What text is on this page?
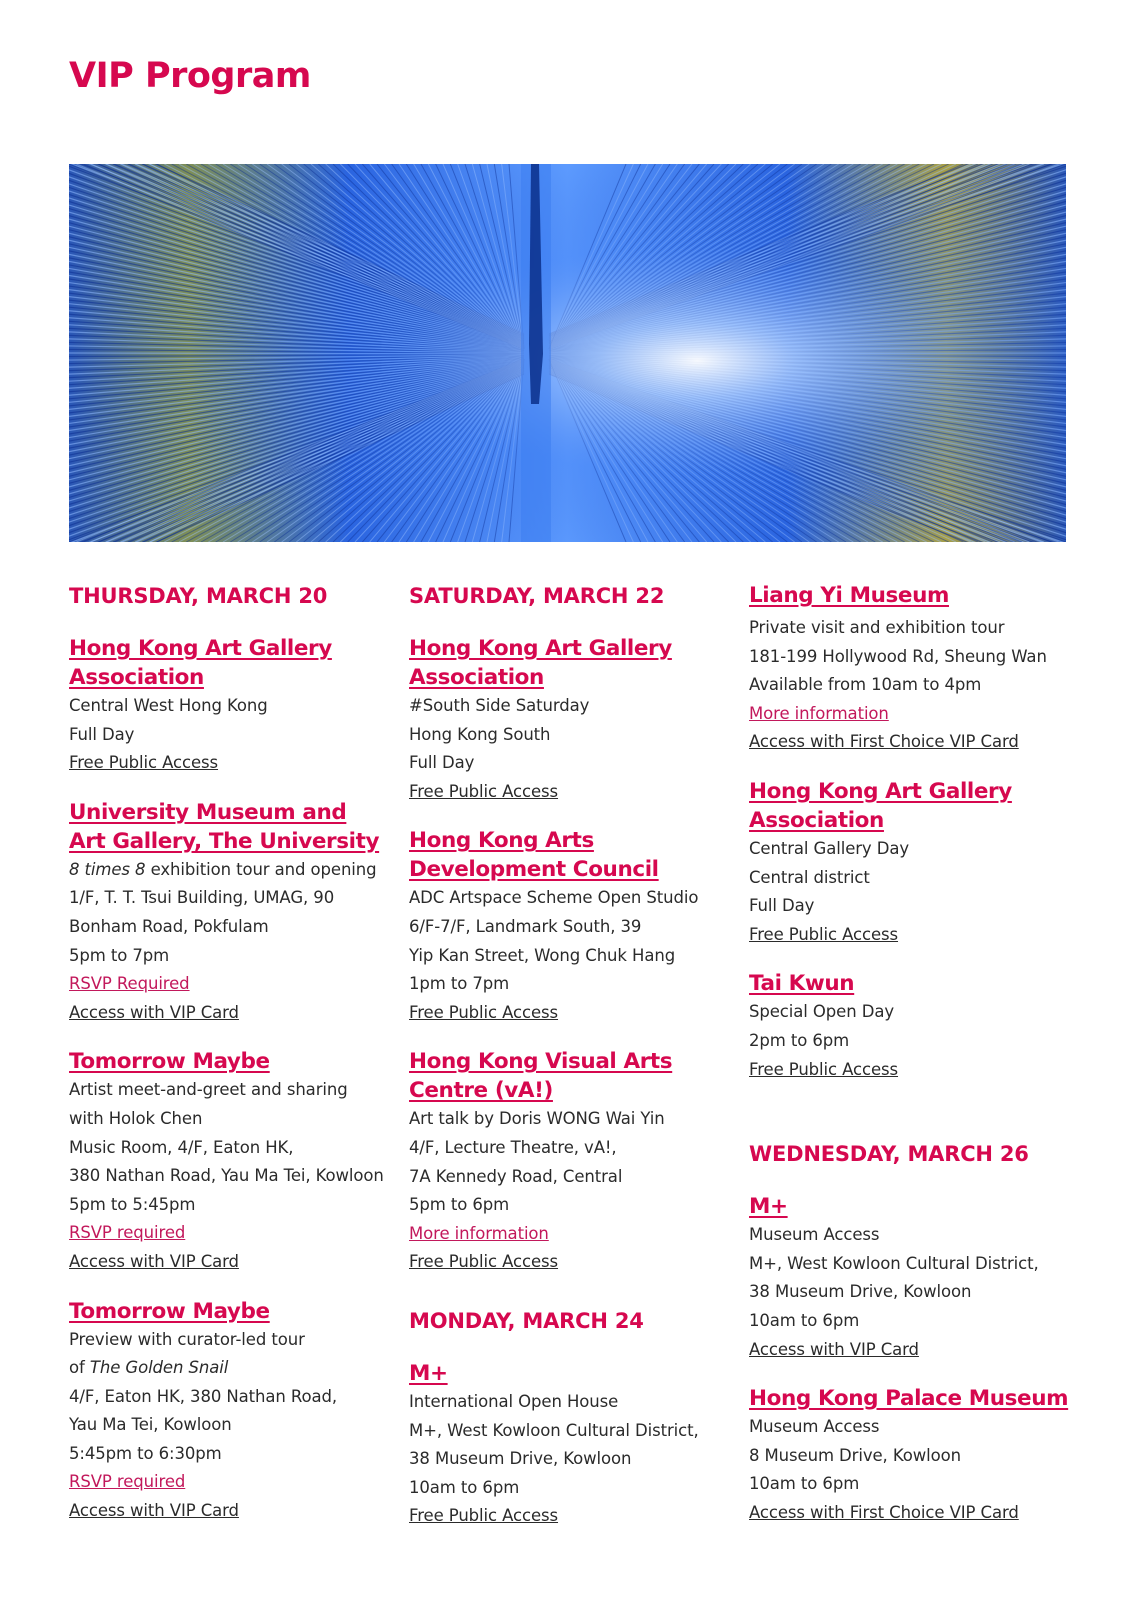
VIP Program
THURSDAY, MARCH 20
Hong Kong Art Gallery Association
Central West Hong Kong
Full Day
Free Public Access
University Museum and Art Gallery, The University
8 times 8 exhibition tour and opening
1/F, T. T. Tsui Building, UMAG, 90
Bonham Road, Pokfulam
5pm to 7pm
RSVP Required
Access with VIP Card
Tomorrow Maybe
Artist meet-and-greet and sharing
with Holok Chen
Music Room, 4/F, Eaton HK,
380 Nathan Road, Yau Ma Tei, Kowloon
5pm to 5:45pm
RSVP required
Access with VIP Card
Tomorrow Maybe
Preview with curator-led tour
of The Golden Snail
4/F, Eaton HK, 380 Nathan Road,
Yau Ma Tei, Kowloon
5:45pm to 6:30pm
RSVP required
Access with VIP Card
SATURDAY, MARCH 22
Hong Kong Art Gallery Association
#South Side Saturday
Hong Kong South
Full Day
Free Public Access
Hong Kong Arts Development Council
ADC Artspace Scheme Open Studio
6/F-7/F, Landmark South, 39
Yip Kan Street, Wong Chuk Hang
1pm to 7pm
Free Public Access
Hong Kong Visual Arts Centre (vA!)
Art talk by Doris WONG Wai Yin
4/F, Lecture Theatre, vA!,
7A Kennedy Road, Central
5pm to 6pm
More information
Free Public Access
MONDAY, MARCH 24
M+
International Open House
M+, West Kowloon Cultural District,
38 Museum Drive, Kowloon
10am to 6pm
Free Public Access
Liang Yi Museum
Private visit and exhibition tour
181-199 Hollywood Rd, Sheung Wan
Available from 10am to 4pm
More information
Access with First Choice VIP Card
Hong Kong Art Gallery Association
Central Gallery Day
Central district
Full Day
Free Public Access
Tai Kwun
Special Open Day
2pm to 6pm
Free Public Access
WEDNESDAY, MARCH 26
M+
Museum Access
M+, West Kowloon Cultural District,
38 Museum Drive, Kowloon
10am to 6pm
Access with VIP Card
Hong Kong Palace Museum
Museum Access
8 Museum Drive, Kowloon
10am to 6pm
Access with First Choice VIP Card
